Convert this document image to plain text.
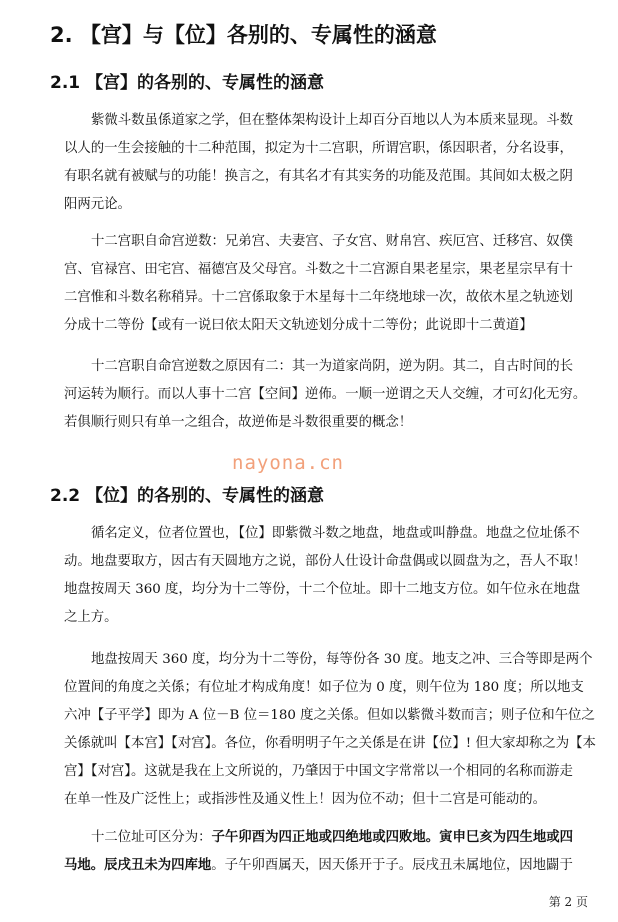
2. 【宫】与【位】各别的、专属性的涵意
2.1 【宫】的各别的、专属性的涵意
紫微斗数虽係道家之学，但在整体架构设计上却百分百地以人为本质来显现。斗数
以人的一生会接触的十二种范围，拟定为十二宫职，所谓宫职，係因职者，分名设事，
有职名就有被赋与的功能！换言之，有其名才有其实务的功能及范围。其间如太极之阴
阳两元论。
十二宫职自命宫逆数：兄弟宫、夫妻宫、子女宫、财帛宫、疾厄宫、迁移宫、奴僕
宫、官禄宫、田宅宫、福德宫及父母宫。斗数之十二宫源自果老星宗，果老星宗早有十
二宫惟和斗数名称稍异。十二宫係取象于木星每十二年绕地球一次，故依木星之轨迹划
分成十二等份【或有一说曰依太阳天文轨迹划分成十二等份；此说即十二黄道】
十二宫职自命宫逆数之原因有二：其一为道家尚阴，逆为阴。其二，自古时间的长
河运转为顺行。而以人事十二宫【空间】逆佈。一顺一逆谓之天人交缠，才可幻化无穷。
若俱顺行则只有单一之组合，故逆佈是斗数很重要的概念！
nayona.cn
2.2 【位】的各别的、专属性的涵意
循名定义，位者位置也，【位】即紫微斗数之地盘，地盘或叫静盘。地盘之位址係不
动。地盘要取方，因古有天圆地方之说，部份人仕设计命盘偶或以圆盘为之，吾人不取！
地盘按周天 360 度，均分为十二等份，十二个位址。即十二地支方位。如午位永在地盘
之上方。
地盘按周天 360 度，均分为十二等份，每等份各 30 度。地支之冲、三合等即是两个
位置间的角度之关係；有位址才构成角度！如子位为 0 度，则午位为 180 度；所以地支
六冲【子平学】即为 A 位－B 位＝180 度之关係。但如以紫微斗数而言；则子位和午位之
关係就叫【本宫】【对宫】。各位，你看明明子午之关係是在讲【位】! 但大家却称之为【本
宫】【对宫】。这就是我在上文所说的，乃肇因于中国文字常常以一个相同的名称而游走
在单一性及广泛性上；或指涉性及通义性上！因为位不动；但十二宫是可能动的。
十二位址可区分为：子午卯酉为四正地或四绝地或四败地。寅申巳亥为四生地或四
马地。辰戌丑未为四库地。子午卯酉属天，因天係开于子。辰戌丑未属地位，因地闢于
第 2 页
